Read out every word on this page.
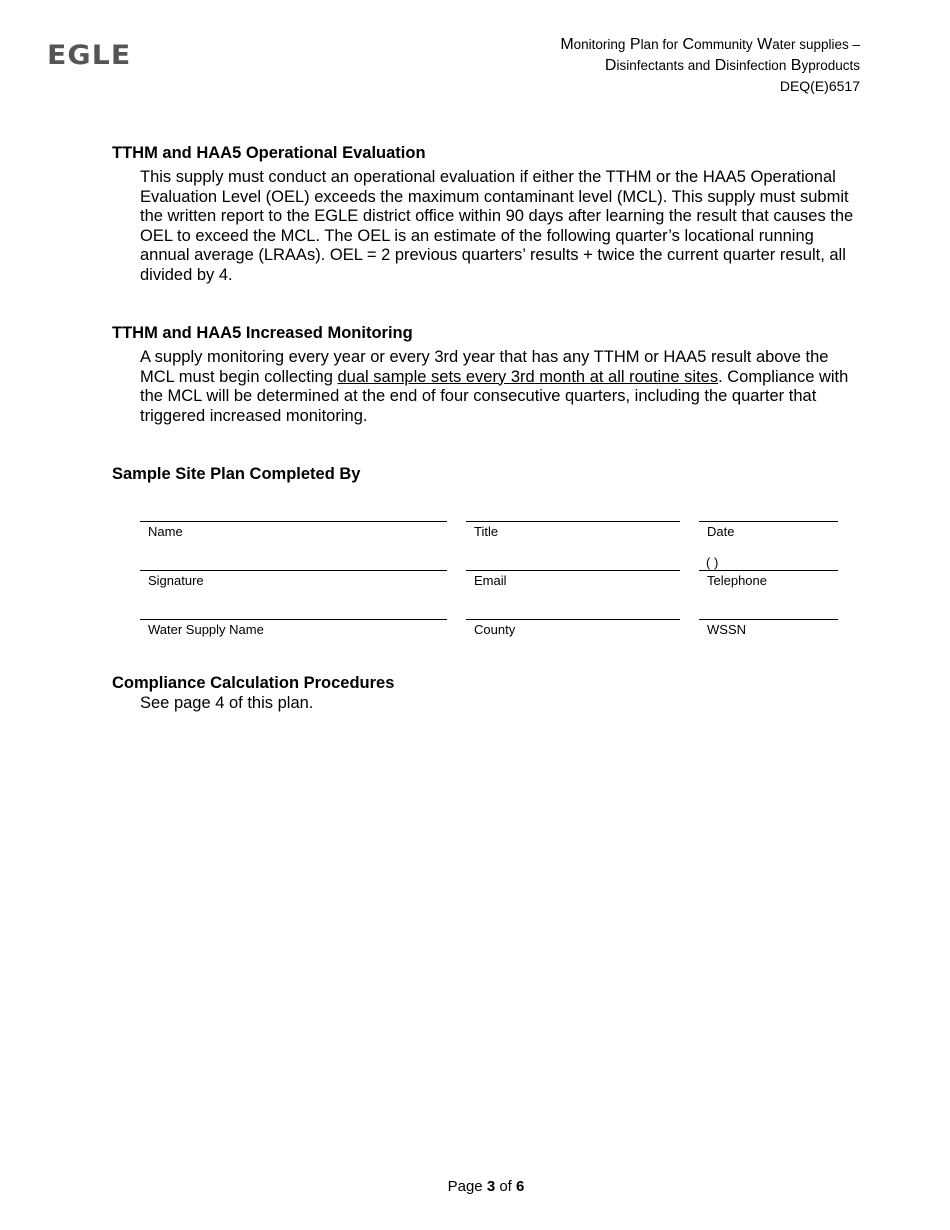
EGLE	Monitoring Plan for Community Water supplies –
Disinfectants and Disinfection Byproducts
DEQ(E)6517
TTHM and HAA5 Operational Evaluation
This supply must conduct an operational evaluation if either the TTHM or the HAA5 Operational Evaluation Level (OEL) exceeds the maximum contaminant level (MCL). This supply must submit the written report to the EGLE district office within 90 days after learning the result that causes the OEL to exceed the MCL. The OEL is an estimate of the following quarter’s locational running annual average (LRAAs). OEL = 2 previous quarters’ results + twice the current quarter result, all divided by 4.
TTHM and HAA5 Increased Monitoring
A supply monitoring every year or every 3rd year that has any TTHM or HAA5 result above the MCL must begin collecting dual sample sets every 3rd month at all routine sites. Compliance with the MCL will be determined at the end of four consecutive quarters, including the quarter that triggered increased monitoring.
Sample Site Plan Completed By
Name	Title	Date
( )
Signature	Email	Telephone
Water Supply Name	County	WSSN
Compliance Calculation Procedures
See page 4 of this plan.
Page 3 of 6
